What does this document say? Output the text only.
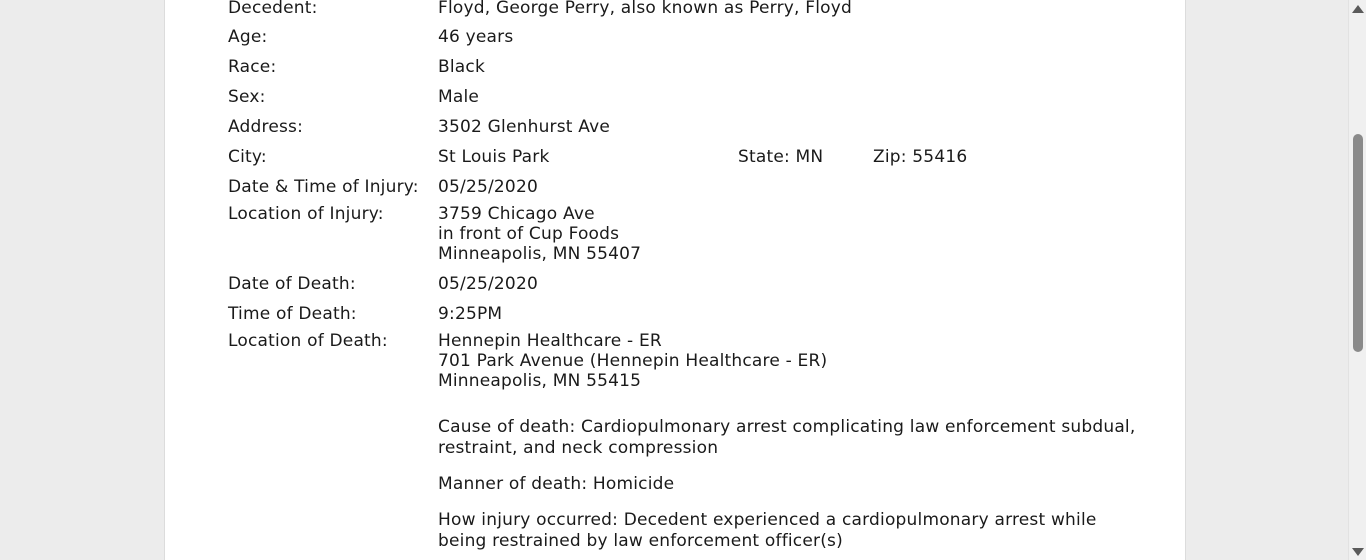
Decedent:	Floyd, George Perry, also known as Perry, Floyd
Age:	46 years
Race:	Black
Sex:	Male
Address:	3502 Glenhurst Ave
City:	St Louis Park	State: MN	Zip: 55416
Date & Time of Injury: 05/25/2020
Location of Injury:	3759 Chicago Ave
in front of Cup Foods
Minneapolis, MN 55407
Date of Death:	05/25/2020
Time of Death:	9:25PM
Location of Death:	Hennepin Healthcare - ER
701 Park Avenue (Hennepin Healthcare - ER)
Minneapolis, MN 55415
Cause of death: Cardiopulmonary arrest complicating law enforcement subdual,
restraint, and neck compression
Manner of death: Homicide
How injury occurred: Decedent experienced a cardiopulmonary arrest while
being restrained by law enforcement officer(s)
